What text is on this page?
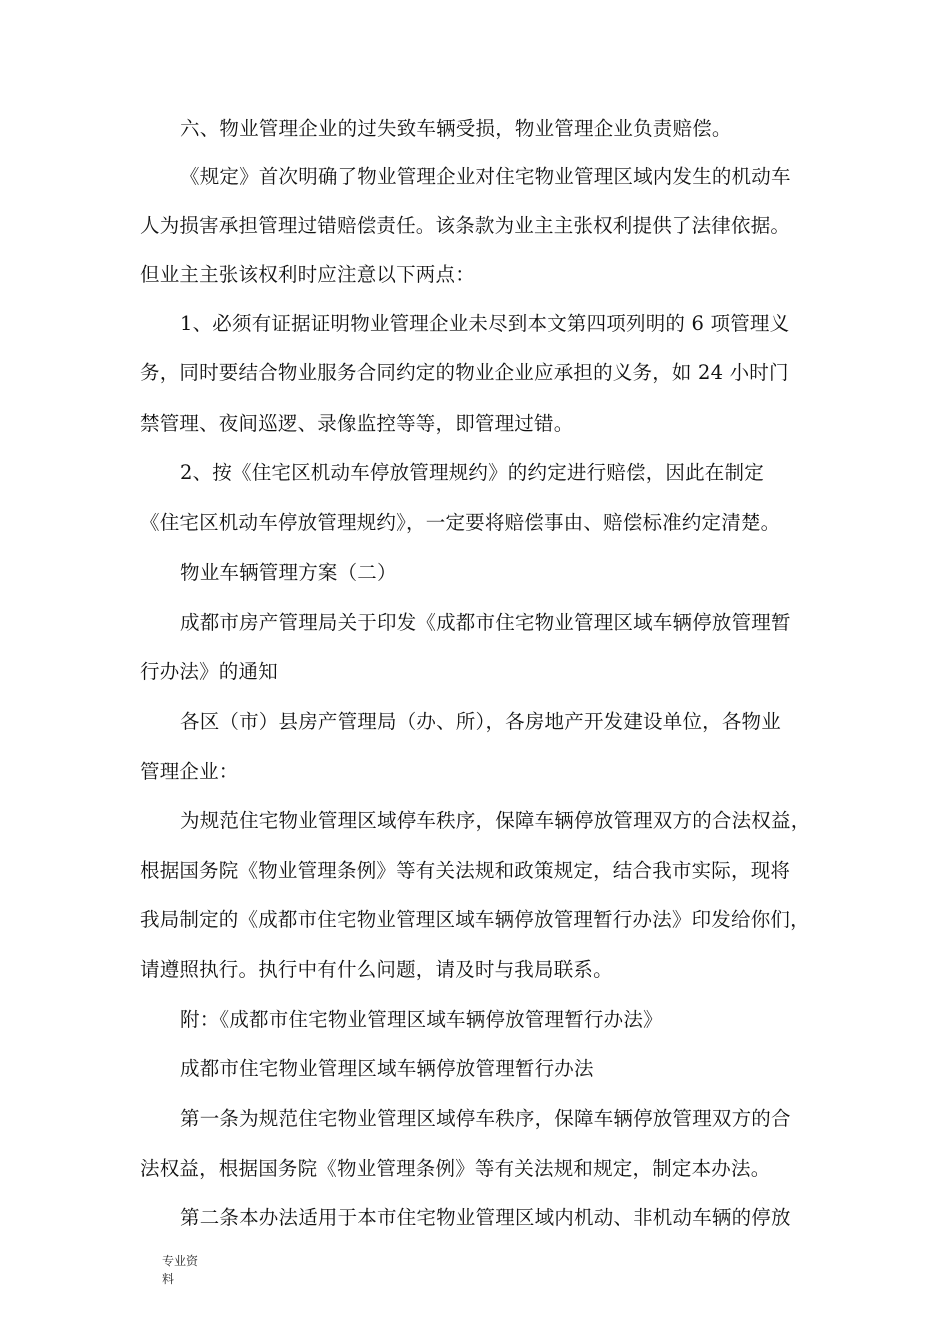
六、物业管理企业的过失致车辆受损，物业管理企业负责赔偿。
《规定》首次明确了物业管理企业对住宅物业管理区域内发生的机动车
人为损害承担管理过错赔偿责任。该条款为业主主张权利提供了法律依据。
但业主主张该权利时应注意以下两点：
1、必须有证据证明物业管理企业未尽到本文第四项列明的 6 项管理义
务，同时要结合物业服务合同约定的物业企业应承担的义务，如 24 小时门
禁管理、夜间巡逻、录像监控等等，即管理过错。
2、按《住宅区机动车停放管理规约》的约定进行赔偿，因此在制定
《住宅区机动车停放管理规约》，一定要将赔偿事由、赔偿标准约定清楚。
物业车辆管理方案（二）
成都市房产管理局关于印发《成都市住宅物业管理区域车辆停放管理暂
行办法》的通知
各区（市）县房产管理局（办、所），各房地产开发建设单位，各物业
管理企业：
为规范住宅物业管理区域停车秩序，保障车辆停放管理双方的合法权益，
根据国务院《物业管理条例》等有关法规和政策规定，结合我市实际，现将
我局制定的《成都市住宅物业管理区域车辆停放管理暂行办法》印发给你们，
请遵照执行。执行中有什么问题，请及时与我局联系。
附：《成都市住宅物业管理区域车辆停放管理暂行办法》
成都市住宅物业管理区域车辆停放管理暂行办法
第一条为规范住宅物业管理区域停车秩序，保障车辆停放管理双方的合
法权益，根据国务院《物业管理条例》等有关法规和规定，制定本办法。
第二条本办法适用于本市住宅物业管理区域内机动、非机动车辆的停放
专业资
料
